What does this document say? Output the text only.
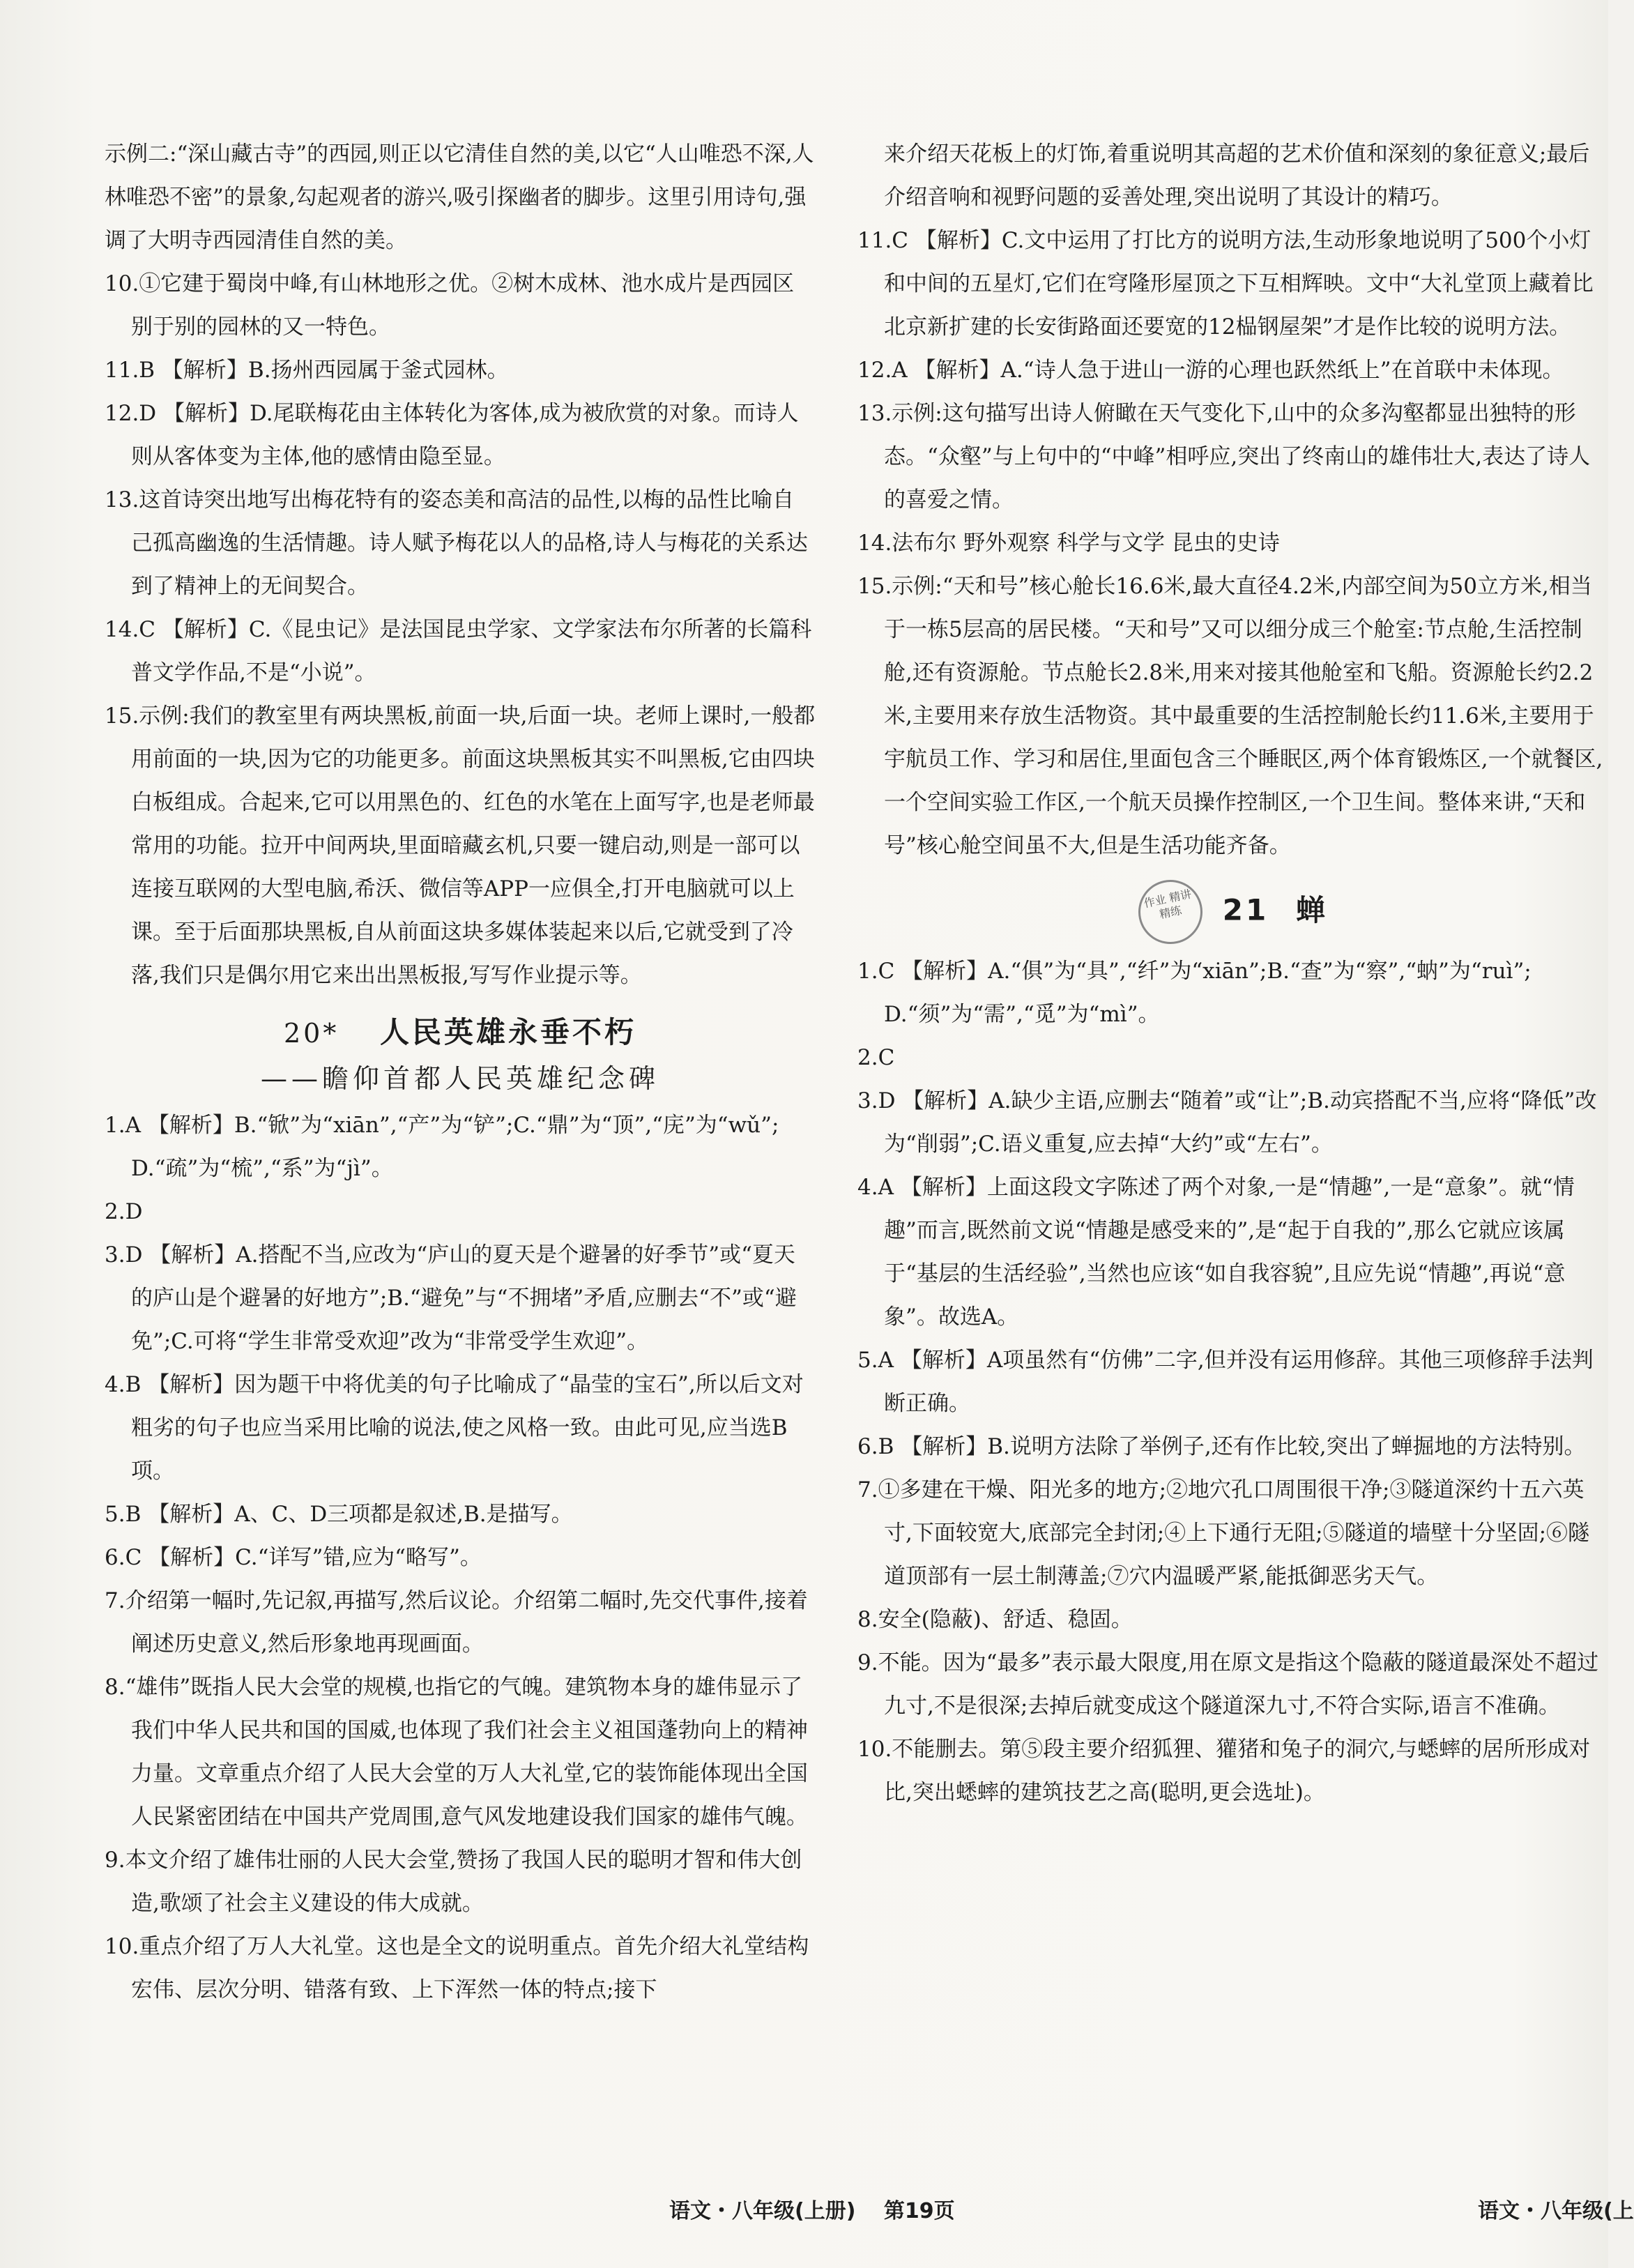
示例二:“深山藏古寺”的西园,则正以它清佳自然的美,以它“人山唯恐不深,人林唯恐不密”的景象,勾起观者的游兴,吸引探幽者的脚步。这里引用诗句,强调了大明寺西园清佳自然的美。

10.①它建于蜀岗中峰,有山林地形之优。②树木成林、池水成片是西园区别于别的园林的又一特色。

11.B 【解析】B.扬州西园属于釜式园林。

12.D 【解析】D.尾联梅花由主体转化为客体,成为被欣赏的对象。而诗人则从客体变为主体,他的感情由隐至显。

13.这首诗突出地写出梅花特有的姿态美和高洁的品性,以梅的品性比喻自己孤高幽逸的生活情趣。诗人赋予梅花以人的品格,诗人与梅花的关系达到了精神上的无间契合。

14.C 【解析】C.《昆虫记》是法国昆虫学家、文学家法布尔所著的长篇科普文学作品,不是“小说”。

15.示例:我们的教室里有两块黑板,前面一块,后面一块。老师上课时,一般都用前面的一块,因为它的功能更多。前面这块黑板其实不叫黑板,它由四块白板组成。合起来,它可以用黑色的、红色的水笔在上面写字,也是老师最常用的功能。拉开中间两块,里面暗藏玄机,只要一键启动,则是一部可以连接互联网的大型电脑,希沃、微信等APP一应俱全,打开电脑就可以上课。至于后面那块黑板,自从前面这块多媒体装起来以后,它就受到了冷落,我们只是偶尔用它来出出黑板报,写写作业提示等。

20* 人民英雄永垂不朽
——瞻仰首都人民英雄纪念碑

1.A 【解析】B.“锨”为“xiān”,“产”为“铲”;C.“鼎”为“顶”,“庑”为“wǔ”;D.“疏”为“梳”,“系”为“jì”。

2.D

3.D 【解析】A.搭配不当,应改为“庐山的夏天是个避暑的好季节”或“夏天的庐山是个避暑的好地方”;B.“避免”与“不拥堵”矛盾,应删去“不”或“避免”;C.可将“学生非常受欢迎”改为“非常受学生欢迎”。

4.B 【解析】因为题干中将优美的句子比喻成了“晶莹的宝石”,所以后文对粗劣的句子也应当采用比喻的说法,使之风格一致。由此可见,应当选B项。

5.B 【解析】A、C、D三项都是叙述,B.是描写。

6.C 【解析】C.“详写”错,应为“略写”。

7.介绍第一幅时,先记叙,再描写,然后议论。介绍第二幅时,先交代事件,接着阐述历史意义,然后形象地再现画面。

8.“雄伟”既指人民大会堂的规模,也指它的气魄。建筑物本身的雄伟显示了我们中华人民共和国的国威,也体现了我们社会主义祖国蓬勃向上的精神力量。文章重点介绍了人民大会堂的万人大礼堂,它的装饰能体现出全国人民紧密团结在中国共产党周围,意气风发地建设我们国家的雄伟气魄。

9.本文介绍了雄伟壮丽的人民大会堂,赞扬了我国人民的聪明才智和伟大创造,歌颂了社会主义建设的伟大成就。

10.重点介绍了万人大礼堂。这也是全文的说明重点。首先介绍大礼堂结构宏伟、层次分明、错落有致、上下浑然一体的特点;接下

来介绍天花板上的灯饰,着重说明其高超的艺术价值和深刻的象征意义;最后介绍音响和视野问题的妥善处理,突出说明了其设计的精巧。

11.C 【解析】C.文中运用了打比方的说明方法,生动形象地说明了500个小灯和中间的五星灯,它们在穹隆形屋顶之下互相辉映。文中“大礼堂顶上藏着比北京新扩建的长安街路面还要宽的12榀钢屋架”才是作比较的说明方法。

12.A 【解析】A.“诗人急于进山一游的心理也跃然纸上”在首联中未体现。

13.示例:这句描写出诗人俯瞰在天气变化下,山中的众多沟壑都显出独特的形态。“众壑”与上句中的“中峰”相呼应,突出了终南山的雄伟壮大,表达了诗人的喜爱之情。

14.法布尔 野外观察 科学与文学 昆虫的史诗

15.示例:“天和号”核心舱长16.6米,最大直径4.2米,内部空间为50立方米,相当于一栋5层高的居民楼。“天和号”又可以细分成三个舱室:节点舱,生活控制舱,还有资源舱。节点舱长2.8米,用来对接其他舱室和飞船。资源舱长约2.2米,主要用来存放生活物资。其中最重要的生活控制舱长约11.6米,主要用于宇航员工作、学习和居住,里面包含三个睡眠区,两个体育锻炼区,一个就餐区,一个空间实验工作区,一个航天员操作控制区,一个卫生间。整体来讲,“天和号”核心舱空间虽不大,但是生活功能齐备。

作业 精讲 精练 21 蝉

1.C 【解析】A.“俱”为“具”,“纤”为“xiān”;B.“查”为“察”,“蚋”为“ruì”;D.“须”为“需”,“觅”为“mì”。

2.C

3.D 【解析】A.缺少主语,应删去“随着”或“让”;B.动宾搭配不当,应将“降低”改为“削弱”;C.语义重复,应去掉“大约”或“左右”。

4.A 【解析】上面这段文字陈述了两个对象,一是“情趣”,一是“意象”。就“情趣”而言,既然前文说“情趣是感受来的”,是“起于自我的”,那么它就应该属于“基层的生活经验”,当然也应该“如自我容貌”,且应先说“情趣”,再说“意象”。故选A。

5.A 【解析】A项虽然有“仿佛”二字,但并没有运用修辞。其他三项修辞手法判断正确。

6.B 【解析】B.说明方法除了举例子,还有作比较,突出了蝉掘地的方法特别。

7.①多建在干燥、阳光多的地方;②地穴孔口周围很干净;③隧道深约十五六英寸,下面较宽大,底部完全封闭;④上下通行无阻;⑤隧道的墙壁十分坚固;⑥隧道顶部有一层土制薄盖;⑦穴内温暖严紧,能抵御恶劣天气。

8.安全(隐蔽)、舒适、稳固。

9.不能。因为“最多”表示最大限度,用在原文是指这个隐蔽的隧道最深处不超过九寸,不是很深;去掉后就变成这个隧道深九寸,不符合实际,语言不准确。

10.不能删去。第⑤段主要介绍狐狸、獾猪和兔子的洞穴,与蟋蟀的居所形成对比,突出蟋蟀的建筑技艺之高(聪明,更会选址)。

语文・八年级(上册) 第19页	语文・八年级(上
